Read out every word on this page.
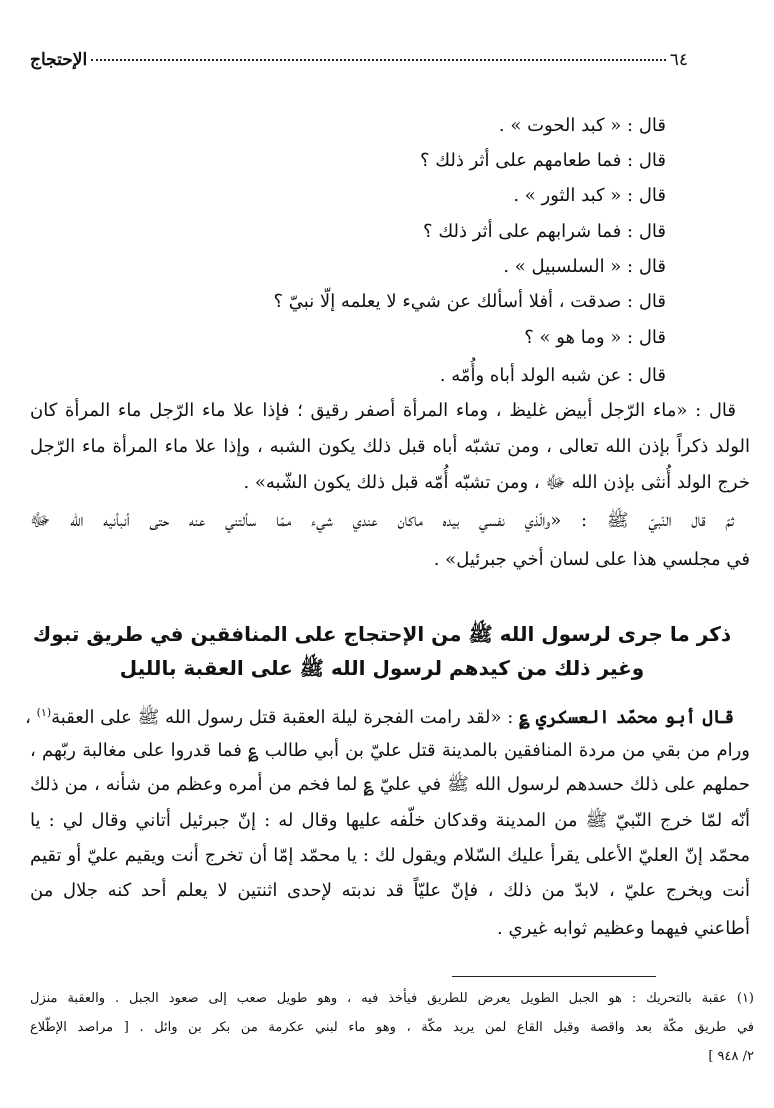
٦٤
الإحتجاج
قال : « كبد الحوت » .
قال : فما طعامهم على أثر ذلك ؟
قال : « كبد الثور » .
قال : فما شرابهم على أثر ذلك ؟
قال : « السلسبيل » .
قال : صدقت ، أفلا أسألك عن شيء لا يعلمه إلّا نبيّ ؟
قال : « وما هو » ؟
قال : عن شبه الولد أباه وأُمّه .
قال : «ماء الرّجل أبيض غليظ ، وماء المرأة أصفر رقيق ؛ فإذا علا ماء الرّجل ماء المرأة كان
الولد ذكراً بإذن الله تعالى ، ومن تشبّه أباه قبل ذلك يكون الشبه ، وإذا علا ماء المرأة ماء الرّجل
خرج الولد أُنثى بإذن الله ﷻ ، ومن تشبّه أُمّه قبل ذلك يكون الشّبه» .
ثمّ قال النّبيّ ﷺ : «والّذي نفسي بيده ماكان عندي شيء ممّا سألتني عنه حتى أنبأنيه الله ﷻ
في مجلسي هذا على لسان أخي جبرئيل» .
ذكر ما جرى لرسول الله ﷺ من الإحتجاج على المنافقين في طريق تبوك
وغير ذلك من كيدهم لرسول الله ﷺ على العقبة بالليل
قال أبو محمّد العسكري ؏ : «لقد رامت الفجرة ليلة العقبة قتل رسول الله ﷺ على العقبة$^{(١)}$ ،
ورام من بقي من مردة المنافقين بالمدينة قتل عليّ بن أبي طالب ؏ فما قدروا على مغالبة ربّهم ،
حملهم على ذلك حسدهم لرسول الله ﷺ في عليّ ؏ لما فخم من أمره وعظم من شأنه ، من ذلك
أنّه لمّا خرج النّبيّ ﷺ من المدينة وقدكان خلّفه عليها وقال له : إنّ جبرئيل أتاني وقال لي : يا
محمّد إنّ العليّ الأعلى يقرأ عليك السّلام ويقول لك : يا محمّد إمّا أن تخرج أنت ويقيم عليّ أو تقيم
أنت ويخرج عليّ ، لابدّ من ذلك ، فإنّ عليّاً قد ندبته لإحدى اثنتين لا يعلم أحد كنه جلال من
أطاعني فيهما وعظيم ثوابه غيري .
(١) عقبة بالتحريك : هو الجبل الطويل يعرض للطريق فيأخذ فيه ، وهو طويل صعب إلى صعود الجبل . والعقبة منزل
في طريق مكّة بعد واقصة وقبل القاع لمن يريد مكّة ، وهو ماء لبني عكرمة من بكر بن وائل . [ مراصد الإطّلاع
٢/ ٩٤٨ ]
